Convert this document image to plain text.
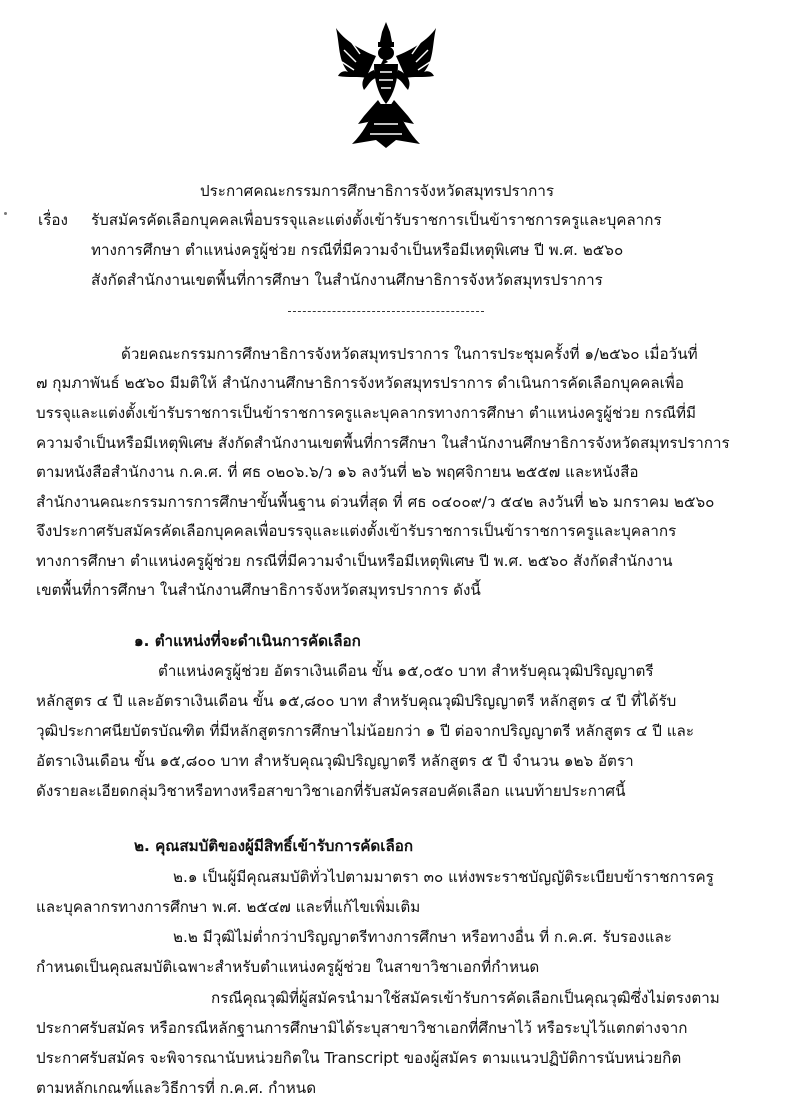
ประกาศคณะกรรมการศึกษาธิการจังหวัดสมุทรปราการ
เรื่อง รับสมัครคัดเลือกบุคคลเพื่อบรรจุและแต่งตั้งเข้ารับราชการเป็นข้าราชการครูและบุคลากร
ทางการศึกษา ตำแหน่งครูผู้ช่วย กรณีที่มีความจำเป็นหรือมีเหตุพิเศษ ปี พ.ศ. ๒๕๖๐
สังกัดสำนักงานเขตพื้นที่การศึกษา ในสำนักงานศึกษาธิการจังหวัดสมุทรปราการ
ด้วยคณะกรรมการศึกษาธิการจังหวัดสมุทรปราการ ในการประชุมครั้งที่ ๑/๒๕๖๐ เมื่อวันที่
๗ กุมภาพันธ์ ๒๕๖๐ มีมติให้ สำนักงานศึกษาธิการจังหวัดสมุทรปราการ ดำเนินการคัดเลือกบุคคลเพื่อ
บรรจุและแต่งตั้งเข้ารับราชการเป็นข้าราชการครูและบุคลากรทางการศึกษา ตำแหน่งครูผู้ช่วย กรณีที่มี
ความจำเป็นหรือมีเหตุพิเศษ สังกัดสำนักงานเขตพื้นที่การศึกษา ในสำนักงานศึกษาธิการจังหวัดสมุทรปราการ
ตามหนังสือสำนักงาน ก.ค.ศ. ที่ ศธ ๐๒๐๖.๖/ว ๑๖ ลงวันที่ ๒๖ พฤศจิกายน ๒๕๕๗ และหนังสือ
สำนักงานคณะกรรมการการศึกษาขั้นพื้นฐาน ด่วนที่สุด ที่ ศธ ๐๔๐๐๙/ว ๕๔๒ ลงวันที่ ๒๖ มกราคม ๒๕๖๐
จึงประกาศรับสมัครคัดเลือกบุคคลเพื่อบรรจุและแต่งตั้งเข้ารับราชการเป็นข้าราชการครูและบุคลากร
ทางการศึกษา ตำแหน่งครูผู้ช่วย กรณีที่มีความจำเป็นหรือมีเหตุพิเศษ ปี พ.ศ. ๒๕๖๐ สังกัดสำนักงาน
เขตพื้นที่การศึกษา ในสำนักงานศึกษาธิการจังหวัดสมุทรปราการ ดังนี้
๑. ตำแหน่งที่จะดำเนินการคัดเลือก
ตำแหน่งครูผู้ช่วย อัตราเงินเดือน ขั้น ๑๕,๐๕๐ บาท สำหรับคุณวุฒิปริญญาตรี
หลักสูตร ๔ ปี และอัตราเงินเดือน ขั้น ๑๕,๘๐๐ บาท สำหรับคุณวุฒิปริญญาตรี หลักสูตร ๔ ปี ที่ได้รับ
วุฒิประกาศนียบัตรบัณฑิต ที่มีหลักสูตรการศึกษาไม่น้อยกว่า ๑ ปี ต่อจากปริญญาตรี หลักสูตร ๔ ปี และ
อัตราเงินเดือน ขั้น ๑๕,๘๐๐ บาท สำหรับคุณวุฒิปริญญาตรี หลักสูตร ๕ ปี จำนวน ๑๒๖ อัตรา
ดังรายละเอียดกลุ่มวิชาหรือทางหรือสาขาวิชาเอกที่รับสมัครสอบคัดเลือก แนบท้ายประกาศนี้
๒. คุณสมบัติของผู้มีสิทธิ์เข้ารับการคัดเลือก
๒.๑ เป็นผู้มีคุณสมบัติทั่วไปตามมาตรา ๓๐ แห่งพระราชบัญญัติระเบียบข้าราชการครู
และบุคลากรทางการศึกษา พ.ศ. ๒๕๔๗ และที่แก้ไขเพิ่มเติม
๒.๒ มีวุฒิไม่ต่ำกว่าปริญญาตรีทางการศึกษา หรือทางอื่น ที่ ก.ค.ศ. รับรองและ
กำหนดเป็นคุณสมบัติเฉพาะสำหรับตำแหน่งครูผู้ช่วย ในสาขาวิชาเอกที่กำหนด
กรณีคุณวุฒิที่ผู้สมัครนำมาใช้สมัครเข้ารับการคัดเลือกเป็นคุณวุฒิซึ่งไม่ตรงตาม
ประกาศรับสมัคร หรือกรณีหลักฐานการศึกษามิได้ระบุสาขาวิชาเอกที่ศึกษาไว้ หรือระบุไว้แตกต่างจาก
ประกาศรับสมัคร จะพิจารณานับหน่วยกิตใน Transcript ของผู้สมัคร ตามแนวปฏิบัติการนับหน่วยกิต
ตามหลักเกณฑ์และวิธีการที่ ก.ค.ศ. กำหนด
